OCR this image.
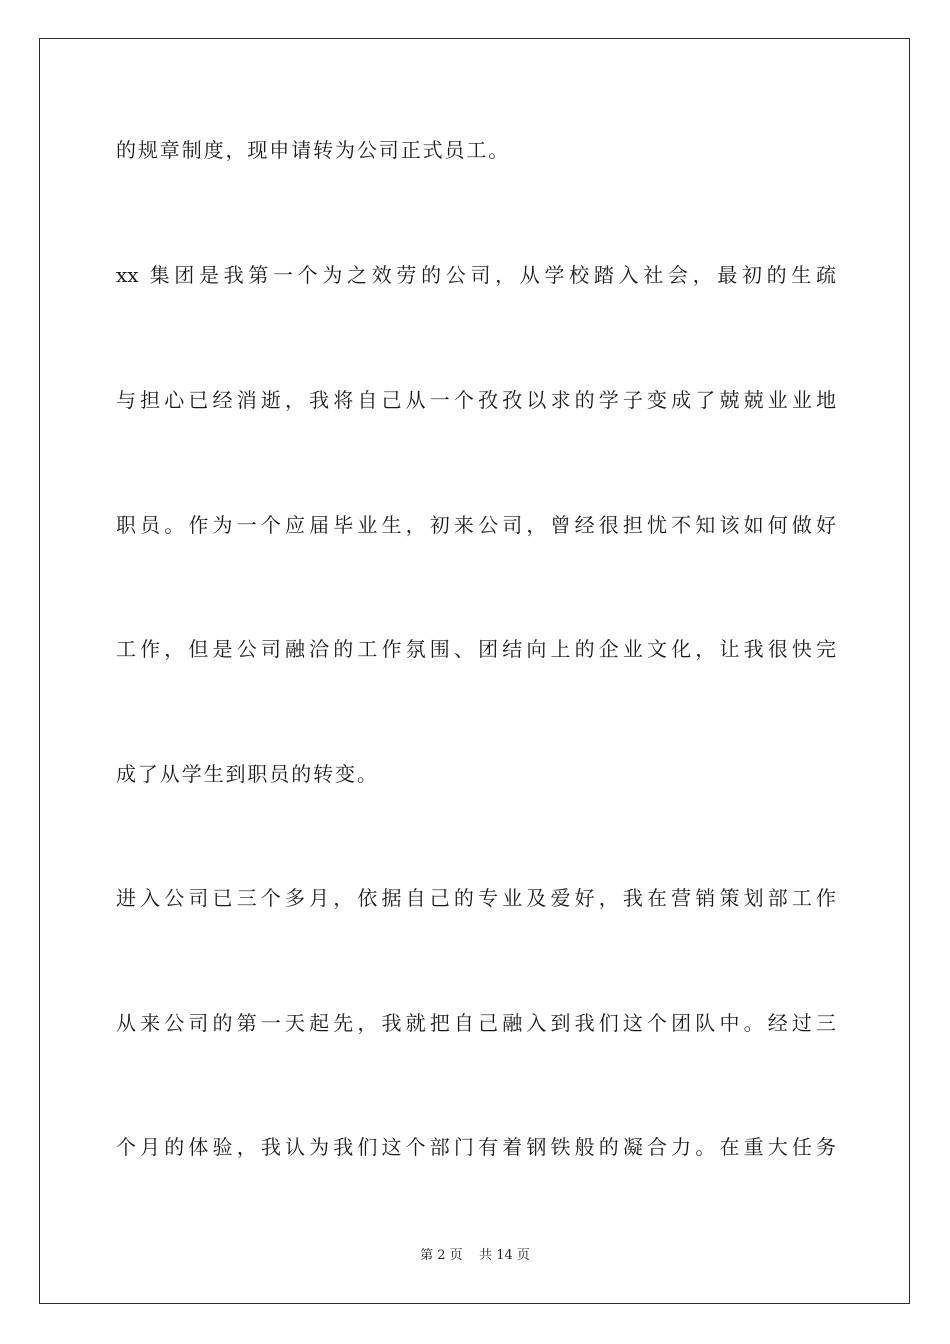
的规章制度，现申请转为公司正式员工。
xx 集团是我第一个为之效劳的公司，从学校踏入社会，最初的生疏
与担心已经消逝，我将自己从一个孜孜以求的学子变成了兢兢业业地
职员。作为一个应届毕业生，初来公司，曾经很担忧不知该如何做好
工作，但是公司融洽的工作氛围、团结向上的企业文化，让我很快完
成了从学生到职员的转变。
进入公司已三个多月，依据自己的专业及爱好，我在营销策划部工作
从来公司的第一天起先，我就把自己融入到我们这个团队中。经过三
个月的体验，我认为我们这个部门有着钢铁般的凝合力。在重大任务
第 2 页    共 14 页
